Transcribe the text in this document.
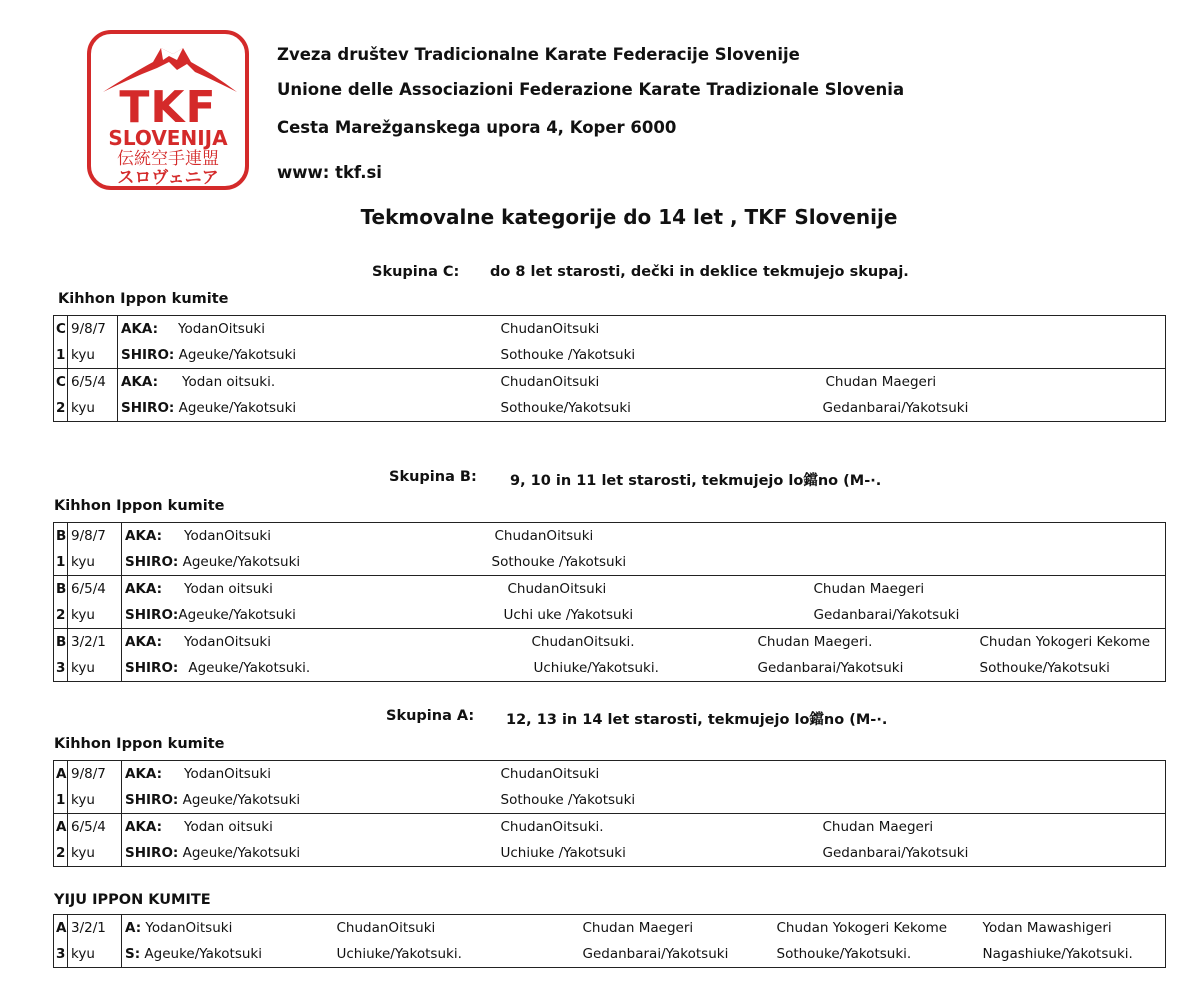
TKF
SLOVENIJA
伝統空手連盟
スロヴェニア
Zveza društev Tradicionalne Karate Federacije Slovenije
Unione delle Associazioni Federazione Karate Tradizionale Slovenia
Cesta Marežganskega upora 4, Koper 6000
www: tkf.si
Tekmovalne kategorije do 14 let , TKF Slovenije
Skupina C: do 8 let starosti, dečki in deklice tekmujejo skupaj.
Kihhon Ippon kumite
C	9/8/7	AKA: YodanOitsuki	ChudanOitsuki	
1	kyu	SHIRO: Ageuke/Yakotsuki	Sothouke /Yakotsuki	
C	6/5/4	AKA: Yodan oitsuki.	ChudanOitsuki	Chudan Maegeri
2	kyu	SHIRO: Ageuke/Yakotsuki	Sothouke/Yakotsuki	Gedanbarai/Yakotsuki
Skupina B: 9, 10 in 11 let starosti, tekmujejo lo鐺no (M-·.
Kihhon Ippon kumite
B	9/8/7	AKA: YodanOitsuki	ChudanOitsuki		
1	kyu	SHIRO: Ageuke/Yakotsuki	Sothouke /Yakotsuki		
B	6/5/4	AKA: Yodan oitsuki	ChudanOitsuki	Chudan Maegeri	
2	kyu	SHIRO:Ageuke/Yakotsuki	Uchi uke /Yakotsuki	Gedanbarai/Yakotsuki	
B	3/2/1	AKA: YodanOitsuki	ChudanOitsuki.	Chudan Maegeri.	Chudan Yokogeri Kekome
3	kyu	SHIRO: Ageuke/Yakotsuki.	Uchiuke/Yakotsuki.	Gedanbarai/Yakotsuki	Sothouke/Yakotsuki
Skupina A: 12, 13 in 14 let starosti, tekmujejo lo鐺no (M-·.
Kihhon Ippon kumite
A	9/8/7	AKA: YodanOitsuki	ChudanOitsuki	
1	kyu	SHIRO: Ageuke/Yakotsuki	Sothouke /Yakotsuki	
A	6/5/4	AKA: Yodan oitsuki	ChudanOitsuki.	Chudan Maegeri
2	kyu	SHIRO: Ageuke/Yakotsuki	Uchiuke /Yakotsuki	Gedanbarai/Yakotsuki
YIJU IPPON KUMITE
A	3/2/1	A: YodanOitsuki	ChudanOitsuki	Chudan Maegeri	Chudan Yokogeri Kekome	Yodan Mawashigeri
3	kyu	S: Ageuke/Yakotsuki	Uchiuke/Yakotsuki.	Gedanbarai/Yakotsuki	Sothouke/Yakotsuki.	Nagashiuke/Yakotsuki.
